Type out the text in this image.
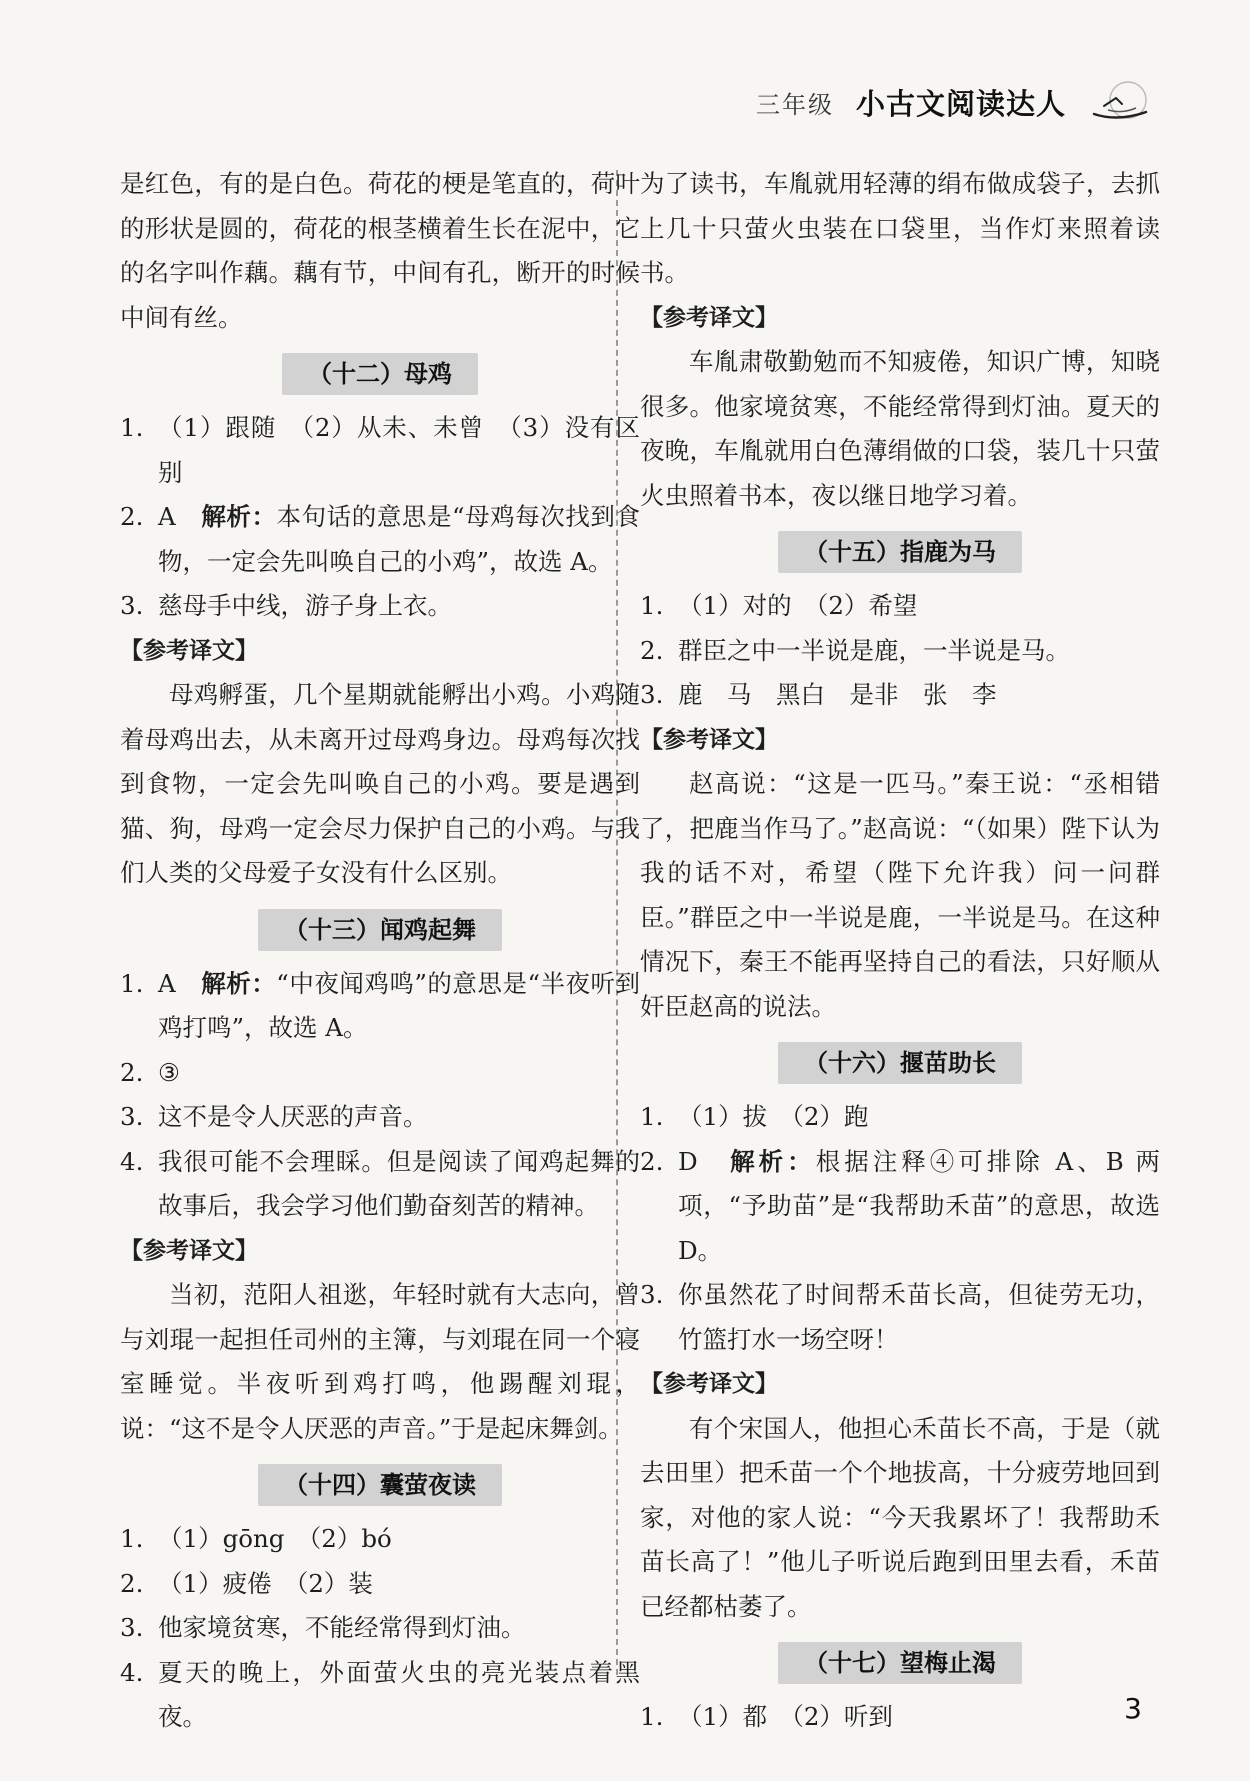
三年级 小古文阅读达人

是红色，有的是白色。荷花的梗是笔直的，荷叶的形状是圆的，荷花的根茎横着生长在泥中，它的名字叫作藕。藕有节，中间有孔，断开的时候中间有丝。

（十二）母鸡

1. （1）跟随　（2）从未、未曾　（3）没有区别

2. A　 解析：本句话的意思是“母鸡每次找到食物，一定会先叫唤自己的小鸡”，故选 A。

3. 慈母手中线，游子身上衣。

【参考译文】

母鸡孵蛋，几个星期就能孵出小鸡。小鸡随着母鸡出去，从未离开过母鸡身边。母鸡每次找到食物，一定会先叫唤自己的小鸡。要是遇到猫、狗，母鸡一定会尽力保护自己的小鸡。与我们人类的父母爱子女没有什么区别。

（十三）闻鸡起舞

1. A　 解析：“中夜闻鸡鸣”的意思是“半夜听到鸡打鸣”，故选 A。

2. ③

3. 这不是令人厌恶的声音。

4. 我很可能不会理睬。但是阅读了闻鸡起舞的故事后，我会学习他们勤奋刻苦的精神。

【参考译文】

当初，范阳人祖逖，年轻时就有大志向，曾与刘琨一起担任司州的主簿，与刘琨在同一个寝室睡觉。半夜听到鸡打鸣，他踢醒刘琨，说：“这不是令人厌恶的声音。”于是起床舞剑。

（十四）囊萤夜读

1. （1）gōng　（2）bó

2. （1）疲倦　（2）装

3. 他家境贫寒，不能经常得到灯油。

4. 夏天的晚上，外面萤火虫的亮光装点着黑夜。

为了读书，车胤就用轻薄的绢布做成袋子，去抓上几十只萤火虫装在口袋里，当作灯来照着读书。

【参考译文】

车胤肃敬勤勉而不知疲倦，知识广博，知晓很多。他家境贫寒，不能经常得到灯油。夏天的夜晚，车胤就用白色薄绢做的口袋，装几十只萤火虫照着书本，夜以继日地学习着。

（十五）指鹿为马

1. （1）对的　（2）希望

2. 群臣之中一半说是鹿，一半说是马。

3. 鹿　马　黑白　是非　张　李

【参考译文】

赵高说：“这是一匹马。”秦王说：“丞相错了，把鹿当作马了。”赵高说：“（如果）陛下认为我的话不对，希望（陛下允许我）问一问群臣。”群臣之中一半说是鹿，一半说是马。在这种情况下，秦王不能再坚持自己的看法，只好顺从奸臣赵高的说法。

（十六）揠苗助长

1. （1）拔　（2）跑

2. D　 解析：根据注释④可排除 A、B 两项，“予助苗”是“我帮助禾苗”的意思，故选 D。

3. 你虽然花了时间帮禾苗长高，但徒劳无功，竹篮打水一场空呀！

【参考译文】

有个宋国人，他担心禾苗长不高，于是（就去田里）把禾苗一个个地拔高，十分疲劳地回到家，对他的家人说：“今天我累坏了！我帮助禾苗长高了！”他儿子听说后跑到田里去看，禾苗已经都枯萎了。

（十七）望梅止渴

1. （1）都　（2）听到	3
